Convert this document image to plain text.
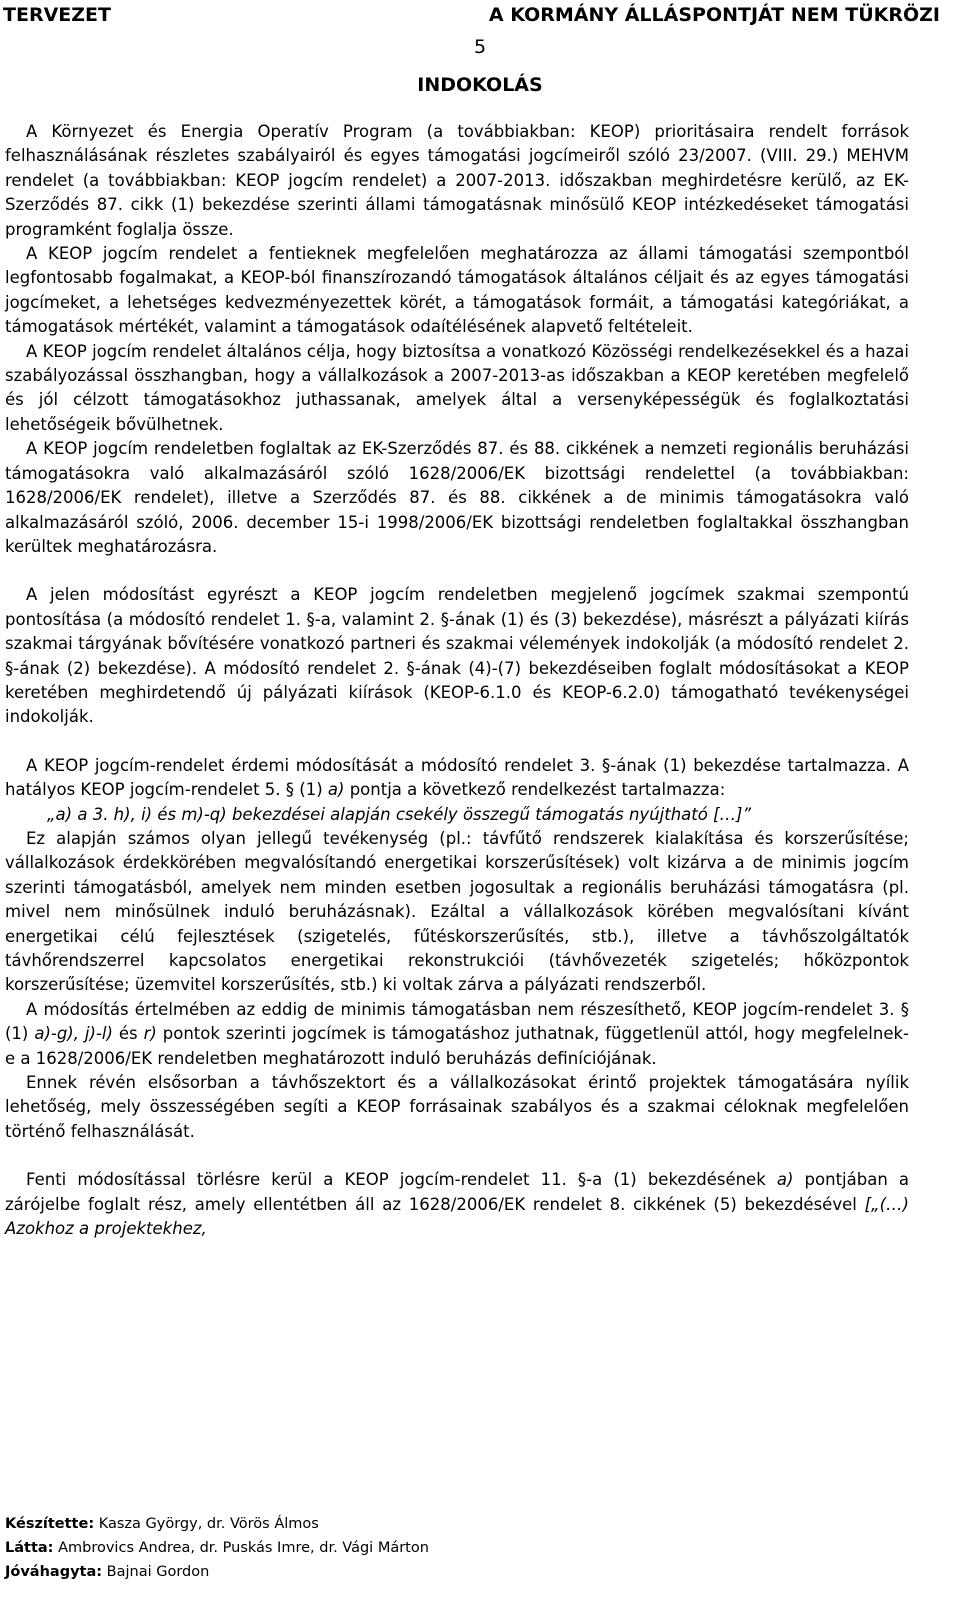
TERVEZET	A KORMÁNY ÁLLÁSPONTJÁT NEM TÜKRÖZI
5
INDOKOLÁS

A Környezet és Energia Operatív Program (a továbbiakban: KEOP) prioritásaira rendelt források felhasználásának részletes szabályairól és egyes támogatási jogcímeiről szóló 23/2007. (VIII. 29.) MEHVM rendelet (a továbbiakban: KEOP jogcím rendelet) a 2007-2013. időszakban meghirdetésre kerülő, az EK-Szerződés 87. cikk (1) bekezdése szerinti állami támogatásnak minősülő KEOP intézkedéseket támogatási programként foglalja össze.

A KEOP jogcím rendelet a fentieknek megfelelően meghatározza az állami támogatási szempontból legfontosabb fogalmakat, a KEOP-ból finanszírozandó támogatások általános céljait és az egyes támogatási jogcímeket, a lehetséges kedvezményezettek körét, a támogatások formáit, a támogatási kategóriákat, a támogatások mértékét, valamint a támogatások odaítélésének alapvető feltételeit.

A KEOP jogcím rendelet általános célja, hogy biztosítsa a vonatkozó Közösségi rendelkezésekkel és a hazai szabályozással összhangban, hogy a vállalkozások a 2007-2013-as időszakban a KEOP keretében megfelelő és jól célzott támogatásokhoz juthassanak, amelyek által a versenyképességük és foglalkoztatási lehetőségeik bővülhetnek.

A KEOP jogcím rendeletben foglaltak az EK-Szerződés 87. és 88. cikkének a nemzeti regionális beruházási támogatásokra való alkalmazásáról szóló 1628/2006/EK bizottsági rendelettel (a továbbiakban: 1628/2006/EK rendelet), illetve a Szerződés 87. és 88. cikkének a de minimis támogatásokra való alkalmazásáról szóló, 2006. december 15-i 1998/2006/EK bizottsági rendeletben foglaltakkal összhangban kerültek meghatározásra.

A jelen módosítást egyrészt a KEOP jogcím rendeletben megjelenő jogcímek szakmai szempontú pontosítása (a módosító rendelet 1. §-a, valamint 2. §-ának (1) és (3) bekezdése), másrészt a pályázati kiírás szakmai tárgyának bővítésére vonatkozó partneri és szakmai vélemények indokolják (a módosító rendelet 2. §-ának (2) bekezdése). A módosító rendelet 2. §-ának (4)-(7) bekezdéseiben foglalt módosításokat a KEOP keretében meghirdetendő új pályázati kiírások (KEOP-6.1.0 és KEOP-6.2.0) támogatható tevékenységei indokolják.

A KEOP jogcím-rendelet érdemi módosítását a módosító rendelet 3. §-ának (1) bekezdése tartalmazza. A hatályos KEOP jogcím-rendelet 5. § (1) a) pontja a következő rendelkezést tartalmazza:

„a) a 3. h), i) és m)-q) bekezdései alapján csekély összegű támogatás nyújtható […]”

Ez alapján számos olyan jellegű tevékenység (pl.: távfűtő rendszerek kialakítása és korszerűsítése; vállalkozások érdekkörében megvalósítandó energetikai korszerűsítések) volt kizárva a de minimis jogcím szerinti támogatásból, amelyek nem minden esetben jogosultak a regionális beruházási támogatásra (pl. mivel nem minősülnek induló beruházásnak). Ezáltal a vállalkozások körében megvalósítani kívánt energetikai célú fejlesztések (szigetelés, fűtéskorszerűsítés, stb.), illetve a távhőszolgáltatók távhőrendszerrel kapcsolatos energetikai rekonstrukciói (távhővezeték szigetelés; hőközpontok korszerűsítése; üzemvitel korszerűsítés, stb.) ki voltak zárva a pályázati rendszerből.

A módosítás értelmében az eddig de minimis támogatásban nem részesíthető, KEOP jogcím-rendelet 3. § (1) a)-g), j)-l) és r) pontok szerinti jogcímek is támogatáshoz juthatnak, függetlenül attól, hogy megfelelnek-e a 1628/2006/EK rendeletben meghatározott induló beruházás definíciójának.

Ennek révén elsősorban a távhőszektort és a vállalkozásokat érintő projektek támogatására nyílik lehetőség, mely összességében segíti a KEOP forrásainak szabályos és a szakmai céloknak megfelelően történő felhasználását.

Fenti módosítással törlésre kerül a KEOP jogcím-rendelet 11. §-a (1) bekezdésének a) pontjában a zárójelbe foglalt rész, amely ellentétben áll az 1628/2006/EK rendelet 8. cikkének (5) bekezdésével [„(…) Azokhoz a projektekhez,

Készítette: Kasza György, dr. Vörös Álmos
Látta: Ambrovics Andrea, dr. Puskás Imre, dr. Vági Márton
Jóváhagyta: Bajnai Gordon
